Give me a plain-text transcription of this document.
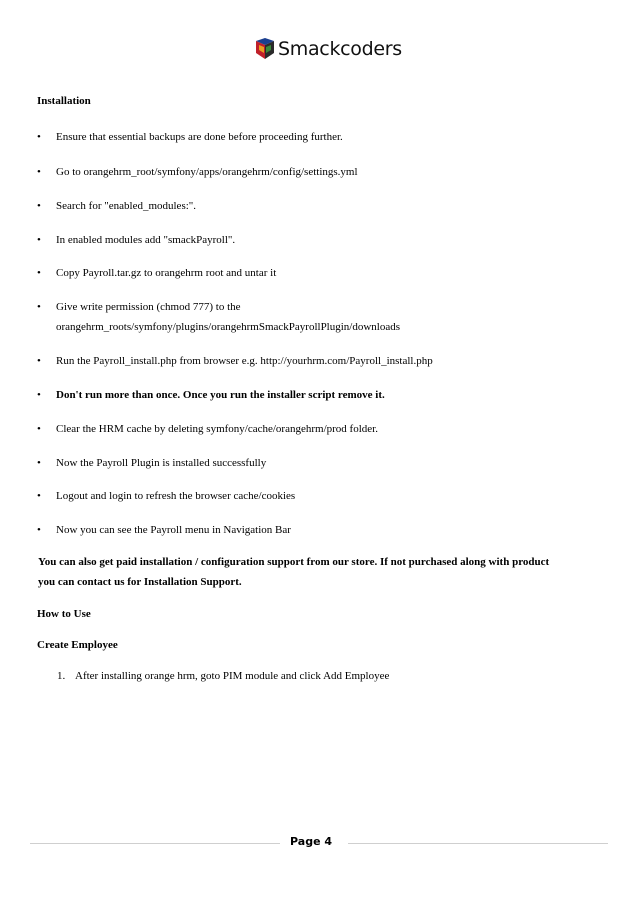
Smackcoders
Installation
• Ensure that essential backups are done before proceeding further.
• Go to orangehrm_root/symfony/apps/orangehrm/config/settings.yml
• Search for "enabled_modules:".
• In enabled modules add "smackPayroll".
• Copy Payroll.tar.gz to orangehrm root and untar it
• Give write permission (chmod 777) to the
orangehrm_roots/symfony/plugins/orangehrmSmackPayrollPlugin/downloads
• Run the Payroll_install.php from browser e.g. http://yourhrm.com/Payroll_install.php
• Don't run more than once. Once you run the installer script remove it.
• Clear the HRM cache by deleting symfony/cache/orangehrm/prod folder.
• Now the Payroll Plugin is installed successfully
• Logout and login to refresh the browser cache/cookies
• Now you can see the Payroll menu in Navigation Bar
You can also get paid installation / configuration support from our store. If not purchased along with product
you can contact us for Installation Support.
How to Use
Create Employee
1. After installing orange hrm, goto PIM module and click Add Employee
Page 4
